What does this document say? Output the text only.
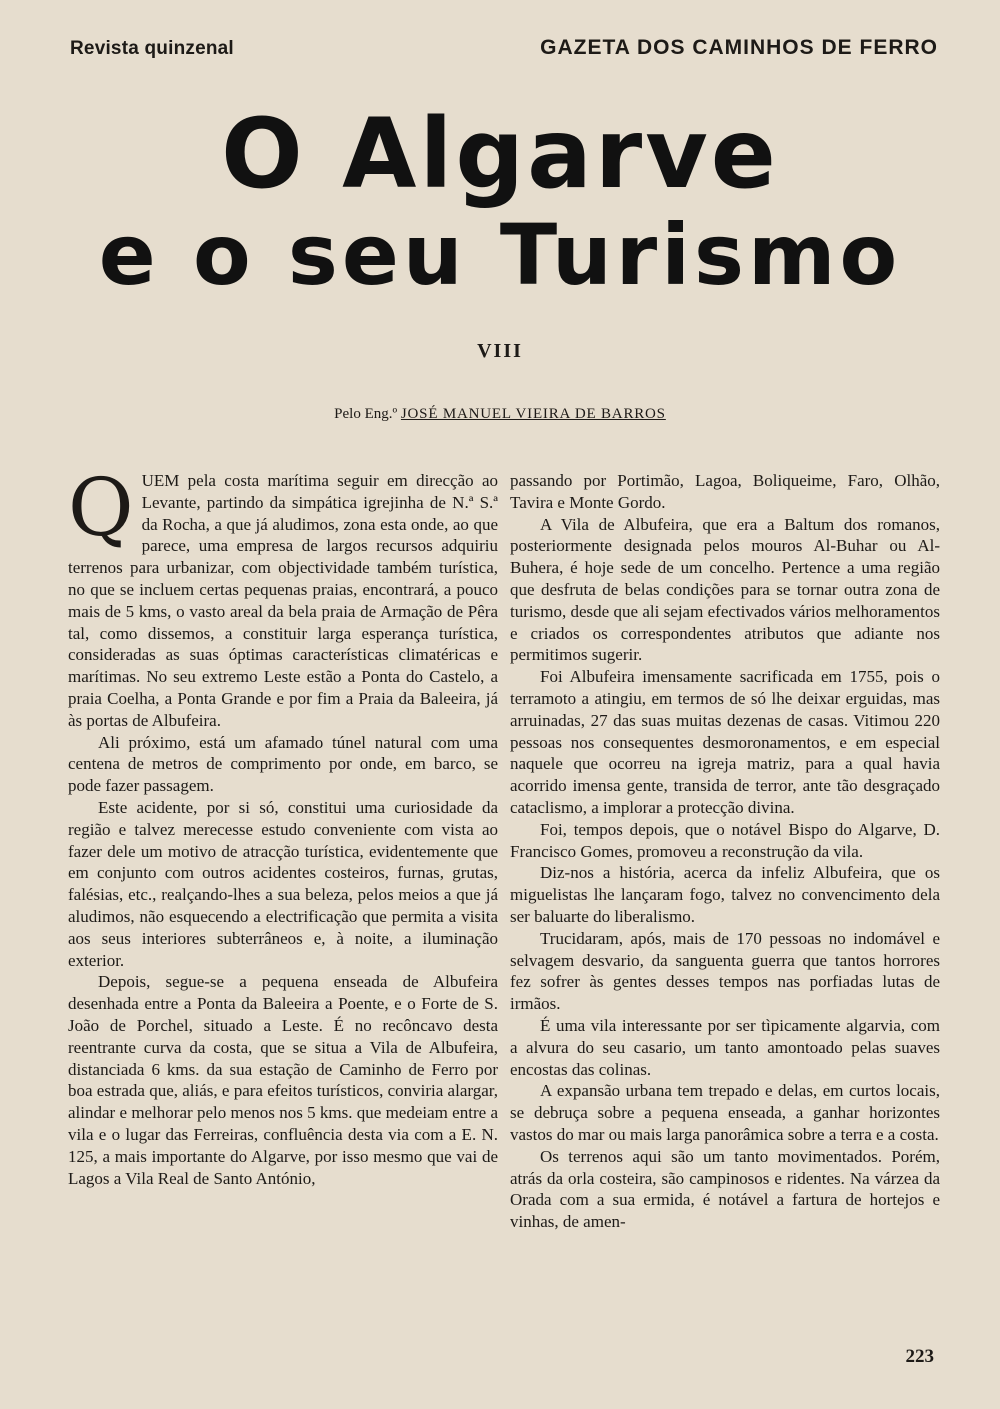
Revista quinzenal	GAZETA DOS CAMINHOS DE FERRO
O Algarve
e o seu Turismo
VIII
Pelo Eng.º JOSÉ MANUEL VIEIRA DE BARROS

QUEM pela costa marítima seguir em direcção ao Levante, partindo da simpática igrejinha de N.ª S.ª da Rocha, a que já aludimos, zona esta onde, ao que parece, uma empresa de largos recursos adquiriu terrenos para urbanizar, com objectividade também turística, no que se incluem certas pequenas praias, encontrará, a pouco mais de 5 kms, o vasto areal da bela praia de Armação de Pêra tal, como dissemos, a constituir larga esperança turística, consideradas as suas óptimas características climatéricas e marítimas. No seu extremo Leste estão a Ponta do Castelo, a praia Coelha, a Ponta Grande e por fim a Praia da Baleeira, já às portas de Albufeira.

Ali próximo, está um afamado túnel natural com uma centena de metros de comprimento por onde, em barco, se pode fazer passagem.

Este acidente, por si só, constitui uma curiosidade da região e talvez merecesse estudo conveniente com vista ao fazer dele um motivo de atracção turística, evidentemente que em conjunto com outros acidentes costeiros, furnas, grutas, falésias, etc., realçando-lhes a sua beleza, pelos meios a que já aludimos, não esquecendo a electrificação que permita a visita aos seus interiores subterrâneos e, à noite, a iluminação exterior.

Depois, segue-se a pequena enseada de Albufeira desenhada entre a Ponta da Baleeira a Poente, e o Forte de S. João de Porchel, situado a Leste. É no recôncavo desta reentrante curva da costa, que se situa a Vila de Albufeira, distanciada 6 kms. da sua estação de Caminho de Ferro por boa estrada que, aliás, e para efeitos turísticos, conviria alargar, alindar e melhorar pelo menos nos 5 kms. que medeiam entre a vila e o lugar das Ferreiras, confluência desta via com a E. N. 125, a mais importante do Algarve, por isso mesmo que vai de Lagos a Vila Real de Santo António,

passando por Portimão, Lagoa, Boliqueime, Faro, Olhão, Tavira e Monte Gordo.

A Vila de Albufeira, que era a Baltum dos romanos, posteriormente designada pelos mouros Al-Buhar ou Al-Buhera, é hoje sede de um concelho. Pertence a uma região que desfruta de belas condições para se tornar outra zona de turismo, desde que ali sejam efectivados vários melhoramentos e criados os correspondentes atributos que adiante nos permitimos sugerir.

Foi Albufeira imensamente sacrificada em 1755, pois o terramoto a atingiu, em termos de só lhe deixar erguidas, mas arruinadas, 27 das suas muitas dezenas de casas. Vitimou 220 pessoas nos consequentes desmoronamentos, e em especial naquele que ocorreu na igreja matriz, para a qual havia acorrido imensa gente, transida de terror, ante tão desgraçado cataclismo, a implorar a protecção divina.

Foi, tempos depois, que o notável Bispo do Algarve, D. Francisco Gomes, promoveu a reconstrução da vila.

Diz-nos a história, acerca da infeliz Albufeira, que os miguelistas lhe lançaram fogo, talvez no convencimento dela ser baluarte do liberalismo.

Trucidaram, após, mais de 170 pessoas no indomável e selvagem desvario, da sanguenta guerra que tantos horrores fez sofrer às gentes desses tempos nas porfiadas lutas de irmãos.

É uma vila interessante por ser tìpicamente algarvia, com a alvura do seu casario, um tanto amontoado pelas suaves encostas das colinas.

A expansão urbana tem trepado e delas, em curtos locais, se debruça sobre a pequena enseada, a ganhar horizontes vastos do mar ou mais larga panorâmica sobre a terra e a costa.

Os terrenos aqui são um tanto movimentados. Porém, atrás da orla costeira, são campinosos e ridentes. Na várzea da Orada com a sua ermida, é notável a fartura de hortejos e vinhas, de amen-

223
